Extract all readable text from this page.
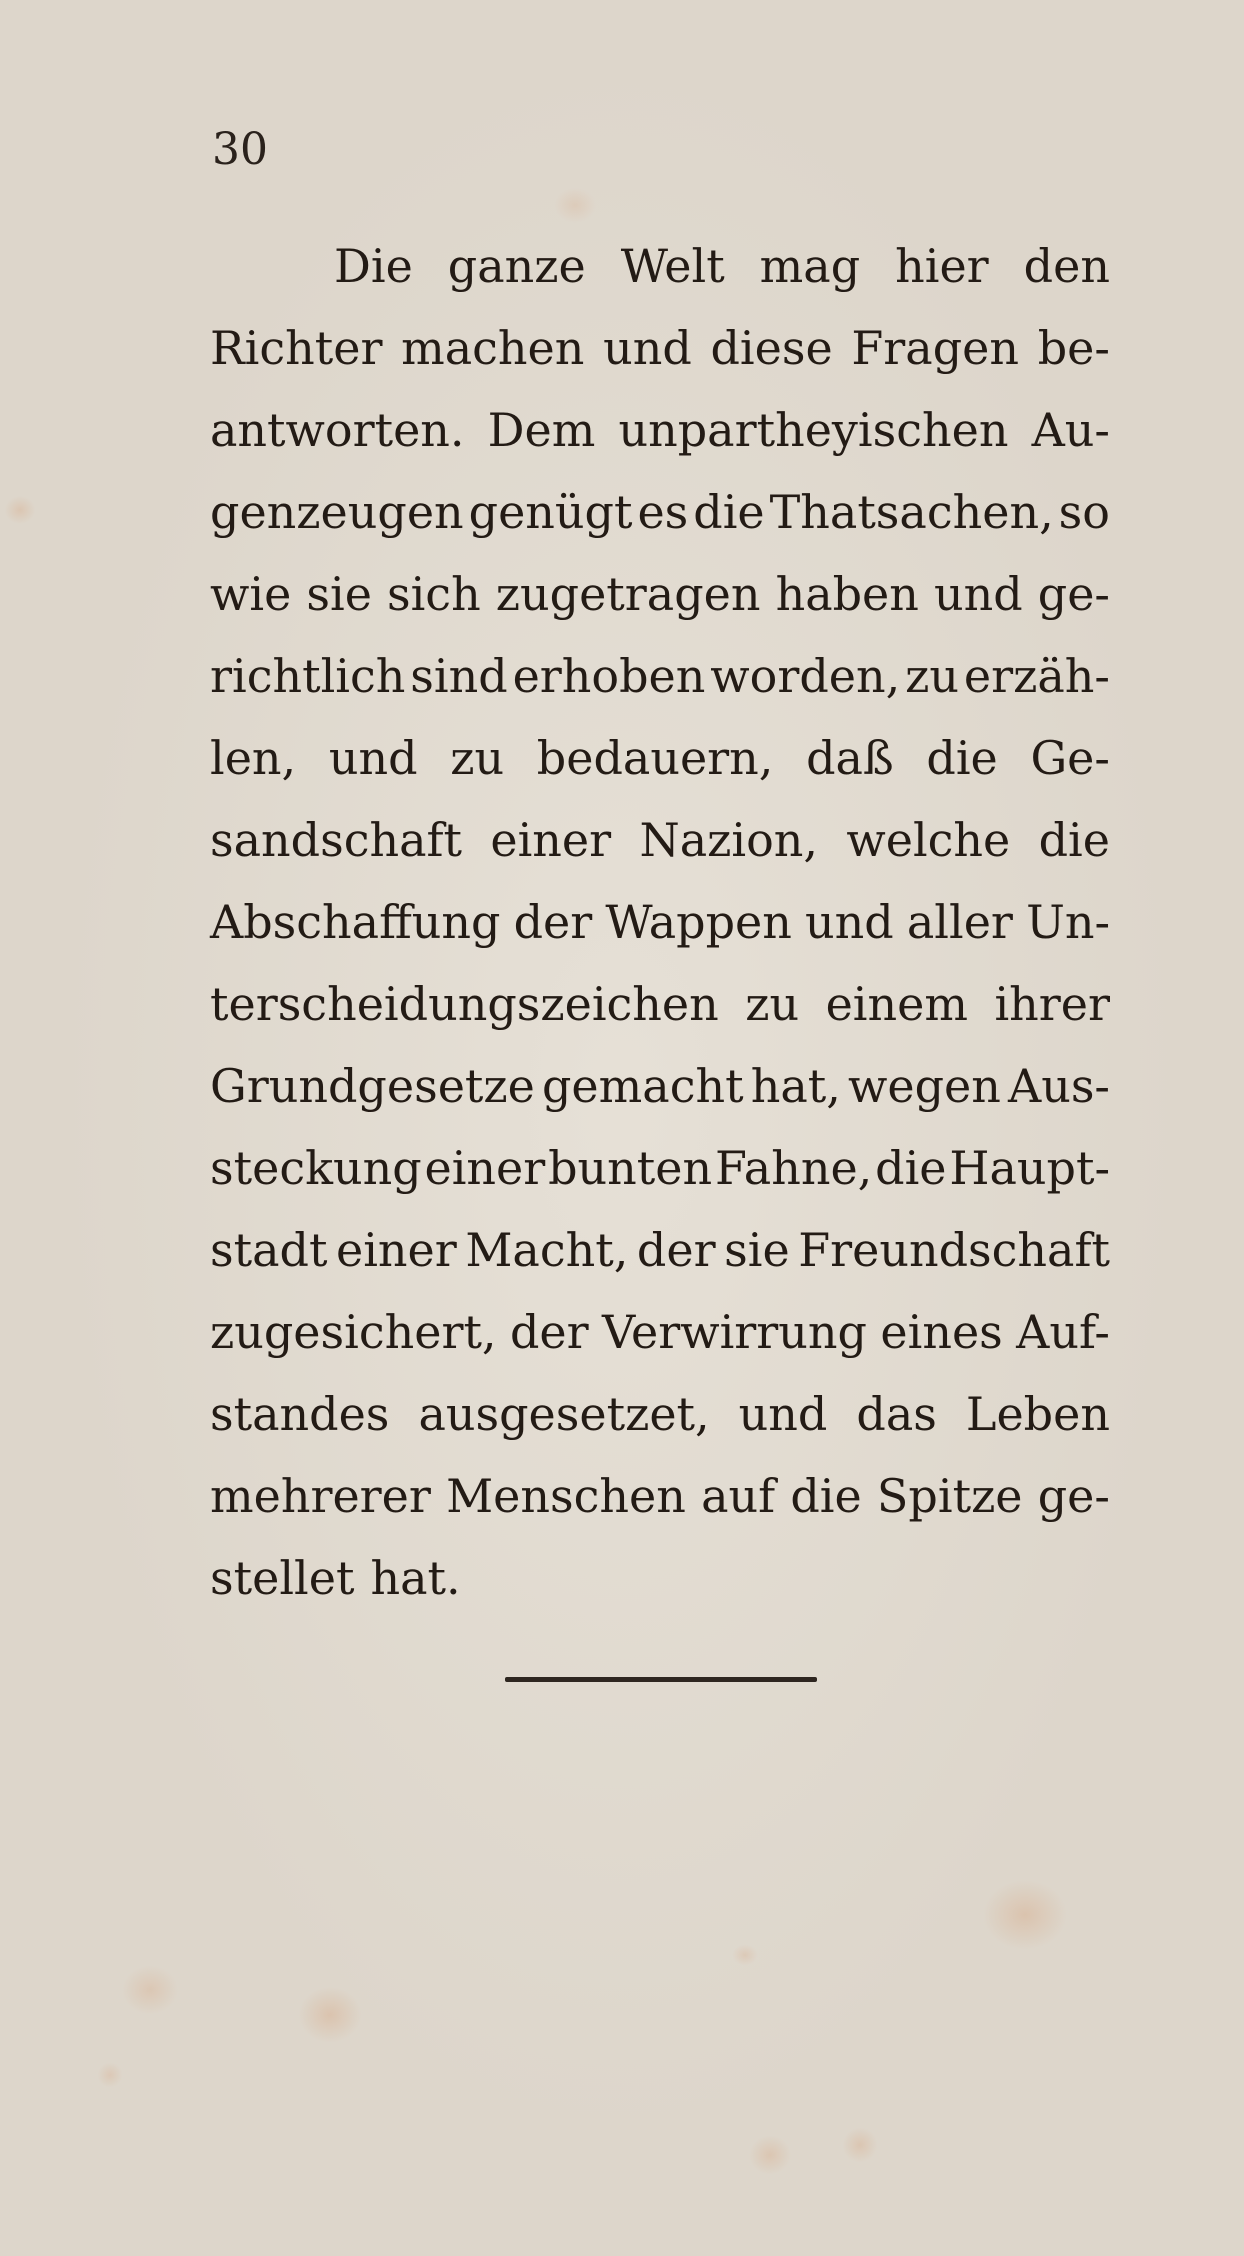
30
Die ganze Welt mag hier den
Richter machen und diese Fragen be-
antworten. Dem unpartheyischen Au-
genzeugen genügt es die Thatsachen, so
wie sie sich zugetragen haben und ge-
richtlich sind erhoben worden, zu erzäh-
len, und zu bedauern, daß die Ge-
sandschaft einer Nazion, welche die
Abschaffung der Wappen und aller Un-
terscheidungszeichen zu einem ihrer
Grundgesetze gemacht hat, wegen Aus-
steckung einer bunten Fahne, die Haupt-
stadt einer Macht, der sie Freundschaft
zugesichert, der Verwirrung eines Auf-
standes ausgesetzet, und das Leben
mehrerer Menschen auf die Spitze ge-
stellet hat.
